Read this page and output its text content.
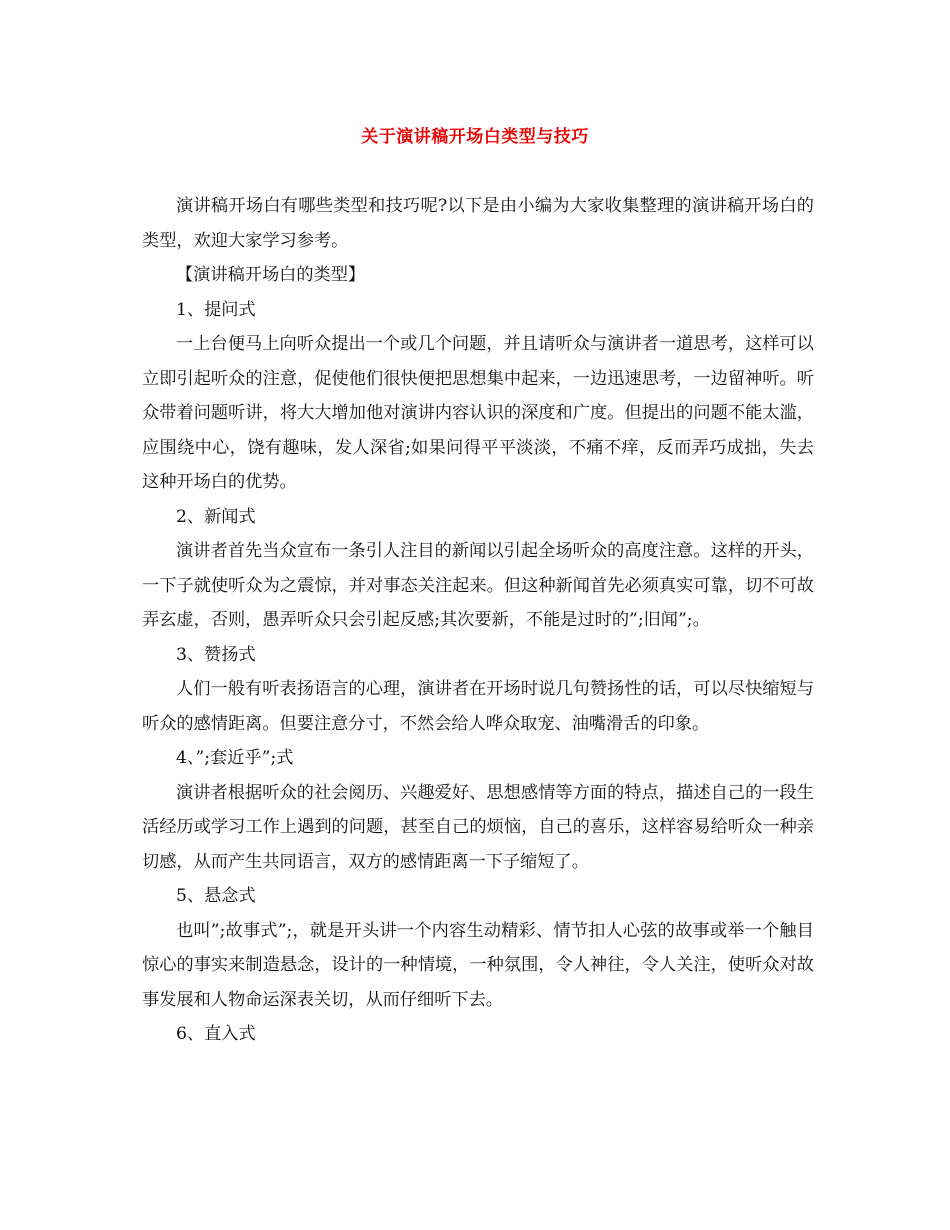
关于演讲稿开场白类型与技巧

演讲稿开场白有哪些类型和技巧呢?以下是由小编为大家收集整理的演讲稿开场白的类型，欢迎大家学习参考。

【演讲稿开场白的类型】

1、提问式

一上台便马上向听众提出一个或几个问题，并且请听众与演讲者一道思考，这样可以立即引起听众的注意，促使他们很快便把思想集中起来，一边迅速思考，一边留神听。听众带着问题听讲，将大大增加他对演讲内容认识的深度和广度。但提出的问题不能太滥，应围绕中心，饶有趣味，发人深省;如果问得平平淡淡，不痛不痒，反而弄巧成拙，失去这种开场白的优势。

2、新闻式

演讲者首先当众宣布一条引人注目的新闻以引起全场听众的高度注意。这样的开头，一下子就使听众为之震惊，并对事态关注起来。但这种新闻首先必须真实可靠，切不可故弄玄虚，否则，愚弄听众只会引起反感;其次要新，不能是过时的”;旧闻”;。

3、赞扬式

人们一般有听表扬语言的心理，演讲者在开场时说几句赞扬性的话，可以尽快缩短与听众的感情距离。但要注意分寸，不然会给人哗众取宠、油嘴滑舌的印象。

4、”;套近乎”;式

演讲者根据听众的社会阅历、兴趣爱好、思想感情等方面的特点，描述自己的一段生活经历或学习工作上遇到的问题，甚至自己的烦恼，自己的喜乐，这样容易给听众一种亲切感，从而产生共同语言，双方的感情距离一下子缩短了。

5、悬念式

也叫”;故事式”;，就是开头讲一个内容生动精彩、情节扣人心弦的故事或举一个触目惊心的事实来制造悬念，设计的一种情境，一种氛围，令人神往，令人关注，使听众对故事发展和人物命运深表关切，从而仔细听下去。

6、直入式
